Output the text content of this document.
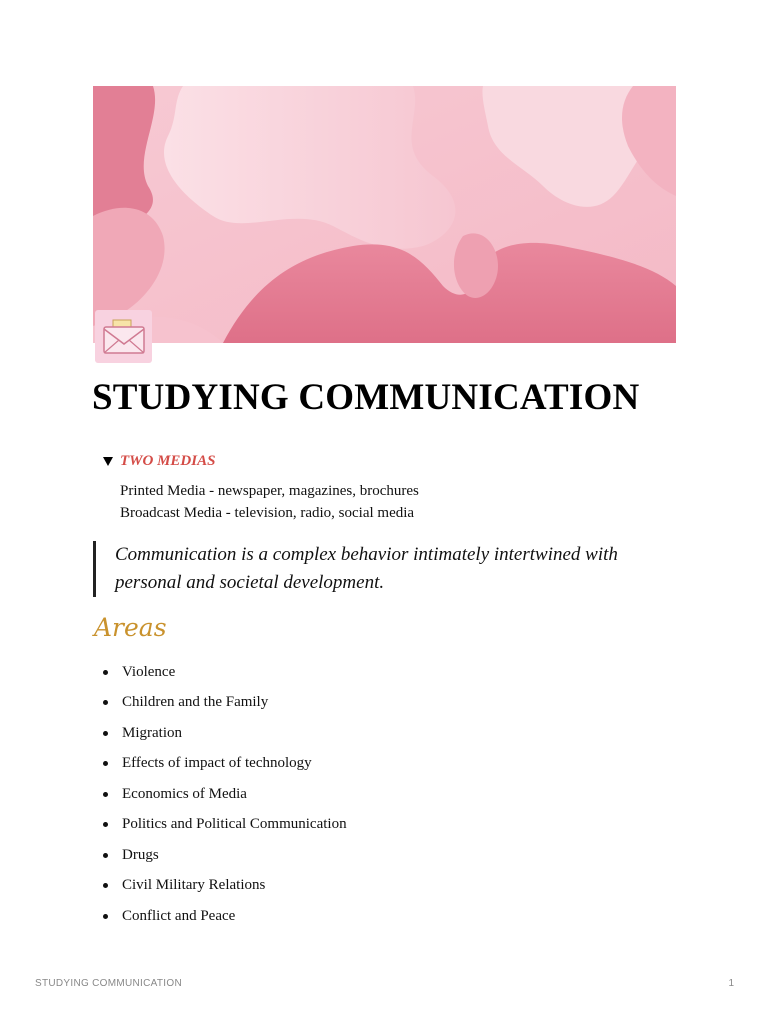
STUDYING COMMUNICATION
TWO MEDIAS
Printed Media - newspaper, magazines, brochures
Broadcast Media - television, radio, social media
Communication is a complex behavior intimately intertwined with personal and societal development.
Areas
Violence
Children and the Family
Migration
Effects of impact of technology
Economics of Media
Politics and Political Communication
Drugs
Civil Military Relations
Conflict and Peace
STUDYING COMMUNICATION	1
